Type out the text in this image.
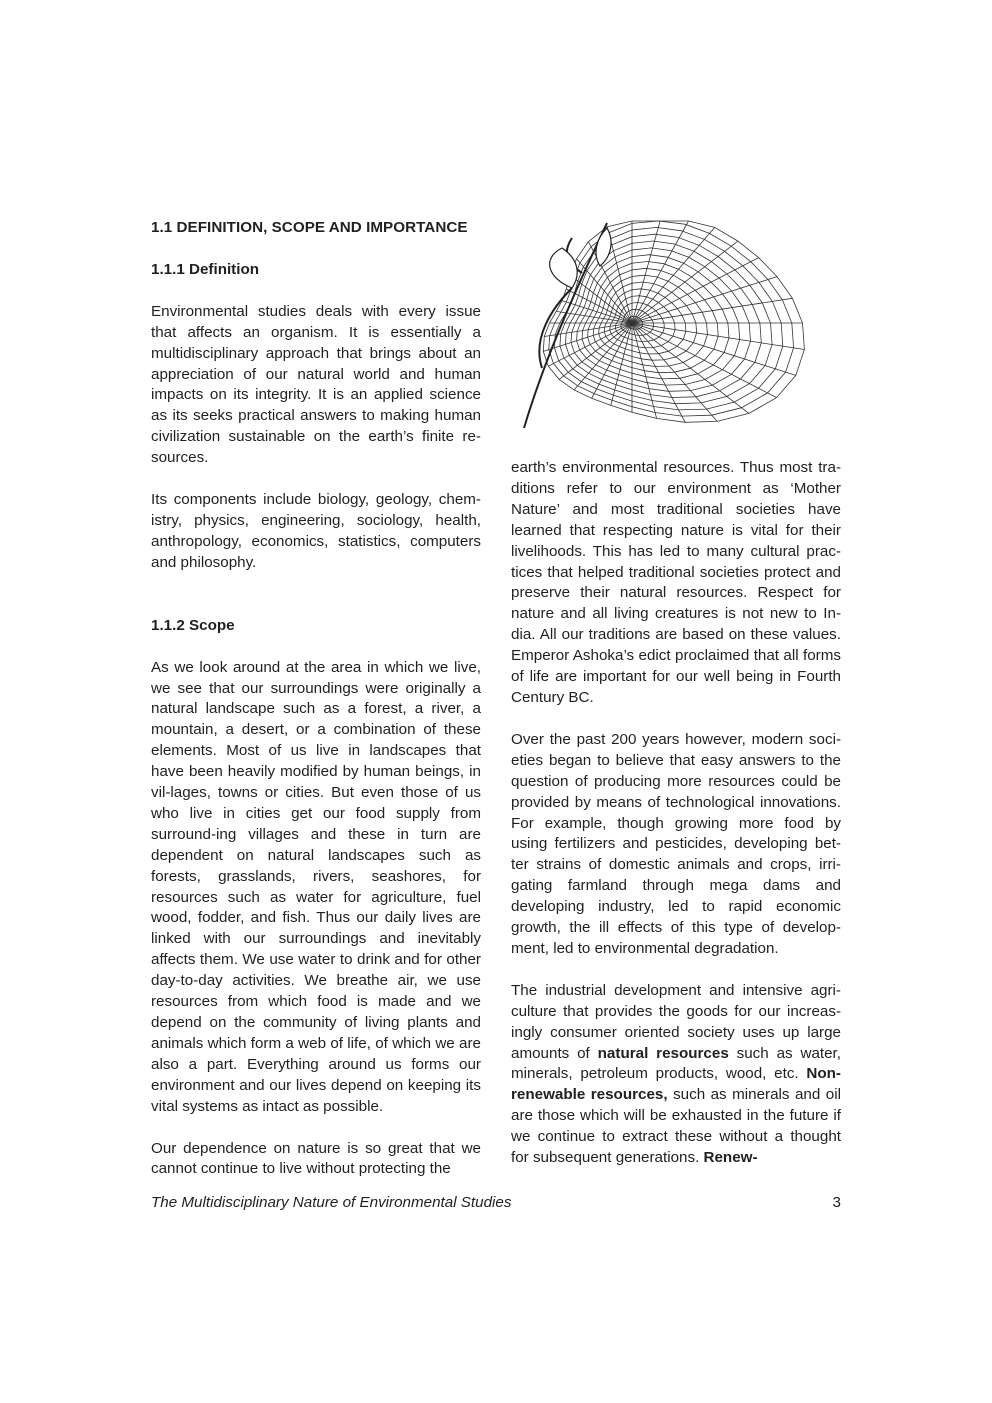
1.1 DEFINITION, SCOPE AND IMPORTANCE
1.1.1 Definition

Environmental studies deals with every issue that affects an organism. It is essentially a multidisciplinary approach that brings about an appreciation of our natural world and human impacts on its integrity. It is an applied science as its seeks practical answers to making human civilization sustainable on the earth’s finite re-sources.

Its components include biology, geology, chem-istry, physics, engineering, sociology, health, anthropology, economics, statistics, computers and philosophy.

1.1.2 Scope

As we look around at the area in which we live, we see that our surroundings were originally a natural landscape such as a forest, a river, a mountain, a desert, or a combination of these elements. Most of us live in landscapes that have been heavily modified by human beings, in vil-lages, towns or cities. But even those of us who live in cities get our food supply from surround-ing villages and these in turn are dependent on natural landscapes such as forests, grasslands, rivers, seashores, for resources such as water for agriculture, fuel wood, fodder, and fish. Thus our daily lives are linked with our surroundings and inevitably affects them. We use water to drink and for other day-to-day activities. We breathe air, we use resources from which food is made and we depend on the community of living plants and animals which form a web of life, of which we are also a part. Everything around us forms our environment and our lives depend on keeping its vital systems as intact as possible.

Our dependence on nature is so great that we cannot continue to live without protecting the

earth’s environmental resources. Thus most tra-ditions refer to our environment as ‘Mother Nature’ and most traditional societies have learned that respecting nature is vital for their livelihoods. This has led to many cultural prac-tices that helped traditional societies protect and preserve their natural resources. Respect for nature and all living creatures is not new to In-dia. All our traditions are based on these values. Emperor Ashoka’s edict proclaimed that all forms of life are important for our well being in Fourth Century BC.

Over the past 200 years however, modern soci-eties began to believe that easy answers to the question of producing more resources could be provided by means of technological innovations. For example, though growing more food by using fertilizers and pesticides, developing bet-ter strains of domestic animals and crops, irri-gating farmland through mega dams and developing industry, led to rapid economic growth, the ill effects of this type of develop-ment, led to environmental degradation.

The industrial development and intensive agri-culture that provides the goods for our increas-ingly consumer oriented society uses up large amounts of natural resources such as water, minerals, petroleum products, wood, etc. Non-renewable resources, such as minerals and oil are those which will be exhausted in the future if we continue to extract these without a thought for subsequent generations. Renew-

The Multidisciplinary Nature of Environmental Studies	3
